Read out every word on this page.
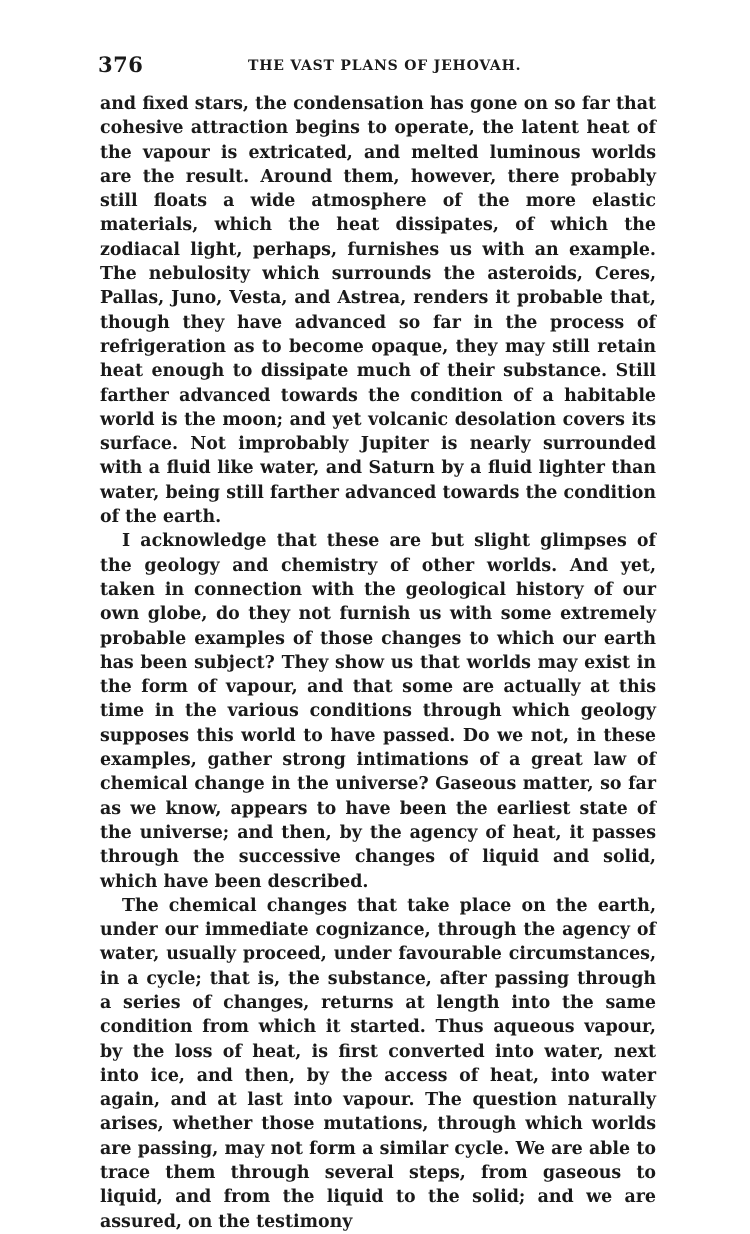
376	THE VAST PLANS OF JEHOVAH.

and fixed stars, the condensation has gone on so far that cohesive attraction begins to operate, the latent heat of the vapour is extricated, and melted luminous worlds are the result. Around them, however, there probably still floats a wide atmosphere of the more elastic materials, which the heat dissipates, of which the zodiacal light, perhaps, furnishes us with an example. The nebulosity which surrounds the asteroids, Ceres, Pallas, Juno, Vesta, and Astrea, renders it probable that, though they have advanced so far in the process of refrigeration as to become opaque, they may still retain heat enough to dissipate much of their substance. Still farther advanced towards the condition of a habitable world is the moon; and yet volcanic desolation covers its surface. Not improbably Jupiter is nearly surrounded with a fluid like water, and Saturn by a fluid lighter than water, being still farther advanced towards the condition of the earth.

I acknowledge that these are but slight glimpses of the geology and chemistry of other worlds. And yet, taken in connection with the geological history of our own globe, do they not furnish us with some extremely probable examples of those changes to which our earth has been subject? They show us that worlds may exist in the form of vapour, and that some are actually at this time in the various conditions through which geology supposes this world to have passed. Do we not, in these examples, gather strong intimations of a great law of chemical change in the universe? Gaseous matter, so far as we know, appears to have been the earliest state of the universe; and then, by the agency of heat, it passes through the successive changes of liquid and solid, which have been described.

The chemical changes that take place on the earth, under our immediate cognizance, through the agency of water, usually proceed, under favourable circumstances, in a cycle; that is, the substance, after passing through a series of changes, returns at length into the same condition from which it started. Thus aqueous vapour, by the loss of heat, is first converted into water, next into ice, and then, by the access of heat, into water again, and at last into vapour. The question naturally arises, whether those mutations, through which worlds are passing, may not form a similar cycle. We are able to trace them through several steps, from gaseous to liquid, and from the liquid to the solid; and we are assured, on the testimony
